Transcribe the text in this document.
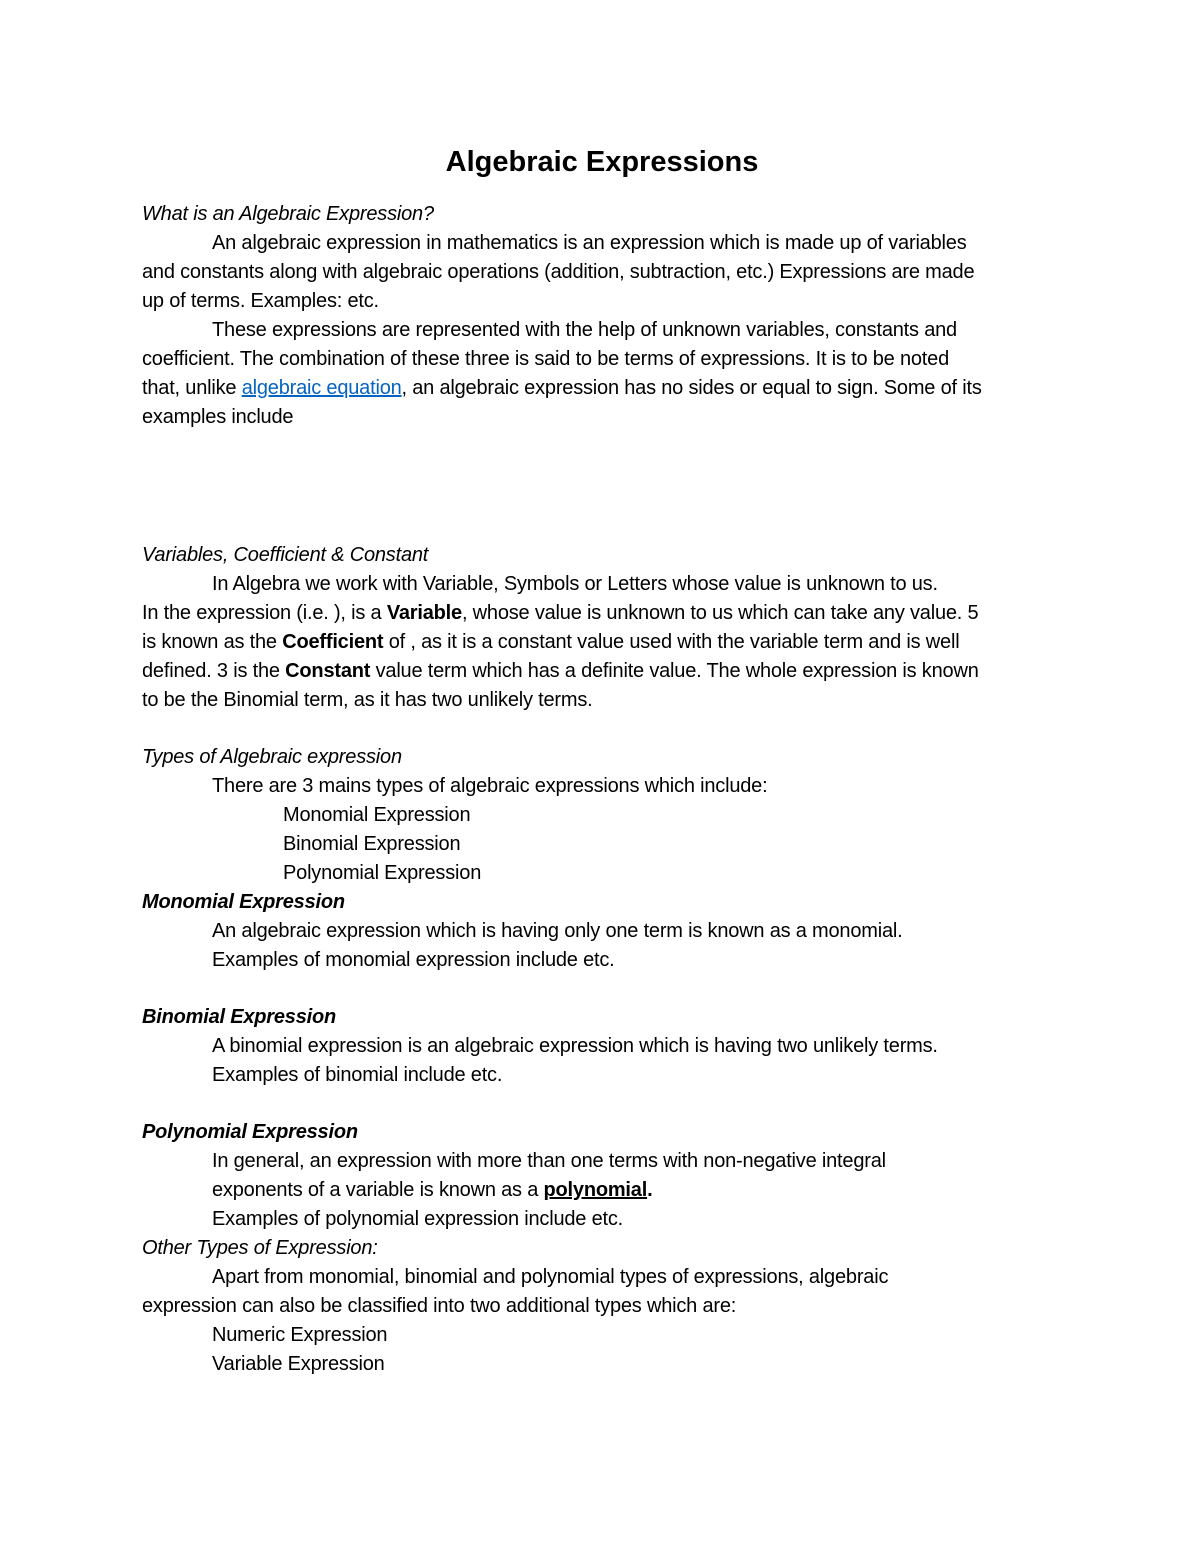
Algebraic Expressions
What is an Algebraic Expression?
An algebraic expression in mathematics is an expression which is made up of variables
and constants along with algebraic operations (addition, subtraction, etc.) Expressions are made
up of terms. Examples: etc.
These expressions are represented with the help of unknown variables, constants and
coefficient. The combination of these three is said to be terms of expressions. It is to be noted
that, unlike algebraic equation, an algebraic expression has no sides or equal to sign. Some of its
examples include
Variables, Coefficient & Constant
In Algebra we work with Variable, Symbols or Letters whose value is unknown to us.
In the expression (i.e. ), is a Variable, whose value is unknown to us which can take any value. 5
is known as the Coefficient of , as it is a constant value used with the variable term and is well
defined. 3 is the Constant value term which has a definite value. The whole expression is known
to be the Binomial term, as it has two unlikely terms.
Types of Algebraic expression
There are 3 mains types of algebraic expressions which include:
Monomial Expression
Binomial Expression
Polynomial Expression
Monomial Expression
An algebraic expression which is having only one term is known as a monomial.
Examples of monomial expression include etc.
Binomial Expression
A binomial expression is an algebraic expression which is having two unlikely terms.
Examples of binomial include etc.
Polynomial Expression
In general, an expression with more than one terms with non-negative integral
exponents of a variable is known as a polynomial.
Examples of polynomial expression include etc.
Other Types of Expression:
Apart from monomial, binomial and polynomial types of expressions, algebraic
expression can also be classified into two additional types which are:
Numeric Expression
Variable Expression
